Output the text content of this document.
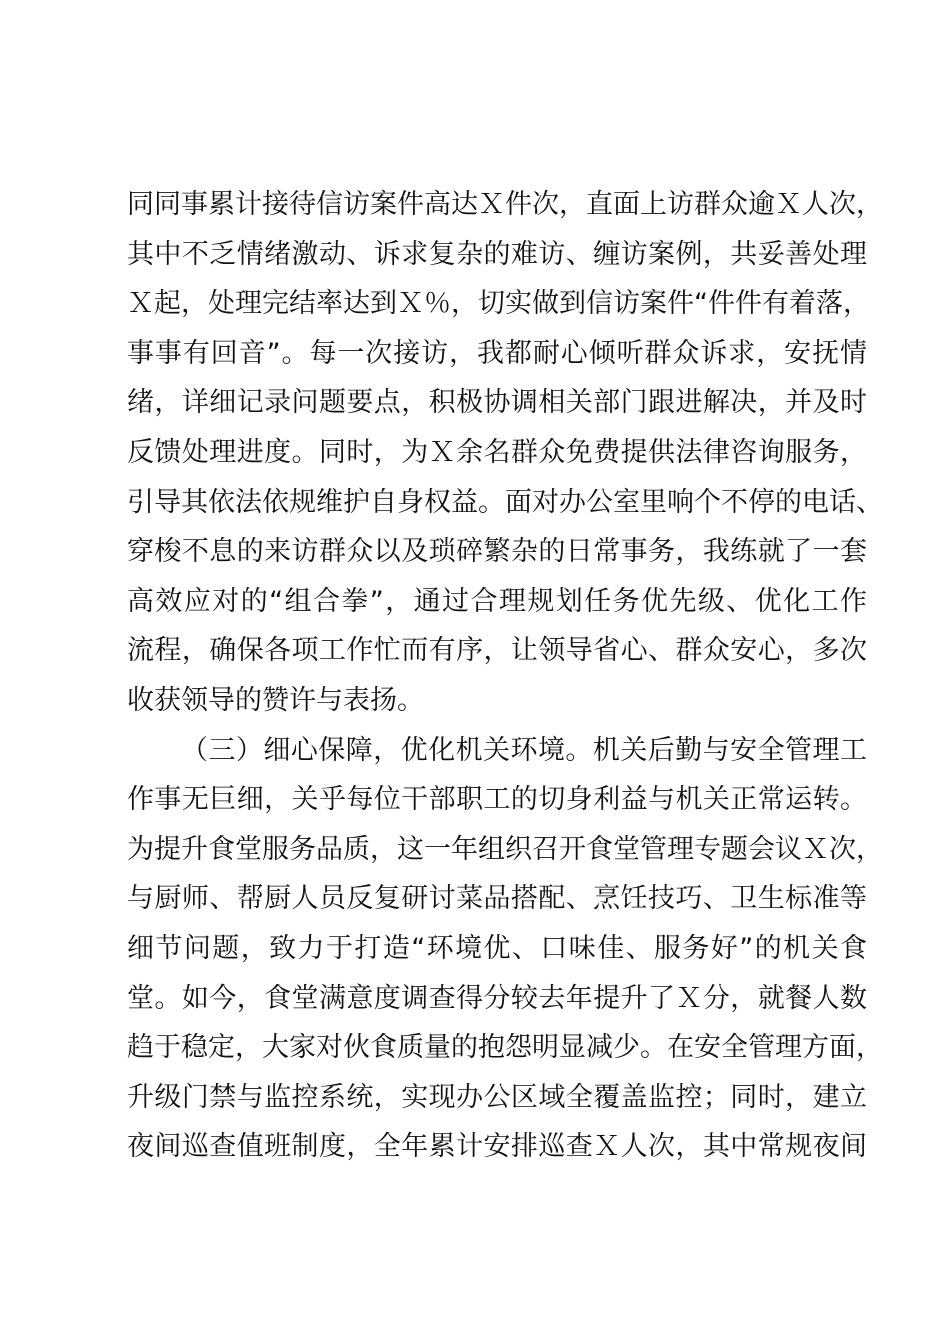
同同事累计接待信访案件高达Ｘ件次，直面上访群众逾Ｘ人次，
其中不乏情绪激动、诉求复杂的难访、缠访案例，共妥善处理
Ｘ起，处理完结率达到Ｘ％，切实做到信访案件“件件有着落，
事事有回音”。每一次接访，我都耐心倾听群众诉求，安抚情
绪，详细记录问题要点，积极协调相关部门跟进解决，并及时
反馈处理进度。同时，为Ｘ余名群众免费提供法律咨询服务，
引导其依法依规维护自身权益。面对办公室里响个不停的电话、
穿梭不息的来访群众以及琐碎繁杂的日常事务，我练就了一套
高效应对的“组合拳”，通过合理规划任务优先级、优化工作
流程，确保各项工作忙而有序，让领导省心、群众安心，多次
收获领导的赞许与表扬。
（三）细心保障，优化机关环境。机关后勤与安全管理工
作事无巨细，关乎每位干部职工的切身利益与机关正常运转。
为提升食堂服务品质，这一年组织召开食堂管理专题会议Ｘ次，
与厨师、帮厨人员反复研讨菜品搭配、烹饪技巧、卫生标准等
细节问题，致力于打造“环境优、口味佳、服务好”的机关食
堂。如今，食堂满意度调查得分较去年提升了Ｘ分，就餐人数
趋于稳定，大家对伙食质量的抱怨明显减少。在安全管理方面，
升级门禁与监控系统，实现办公区域全覆盖监控；同时，建立
夜间巡查值班制度，全年累计安排巡查Ｘ人次，其中常规夜间
